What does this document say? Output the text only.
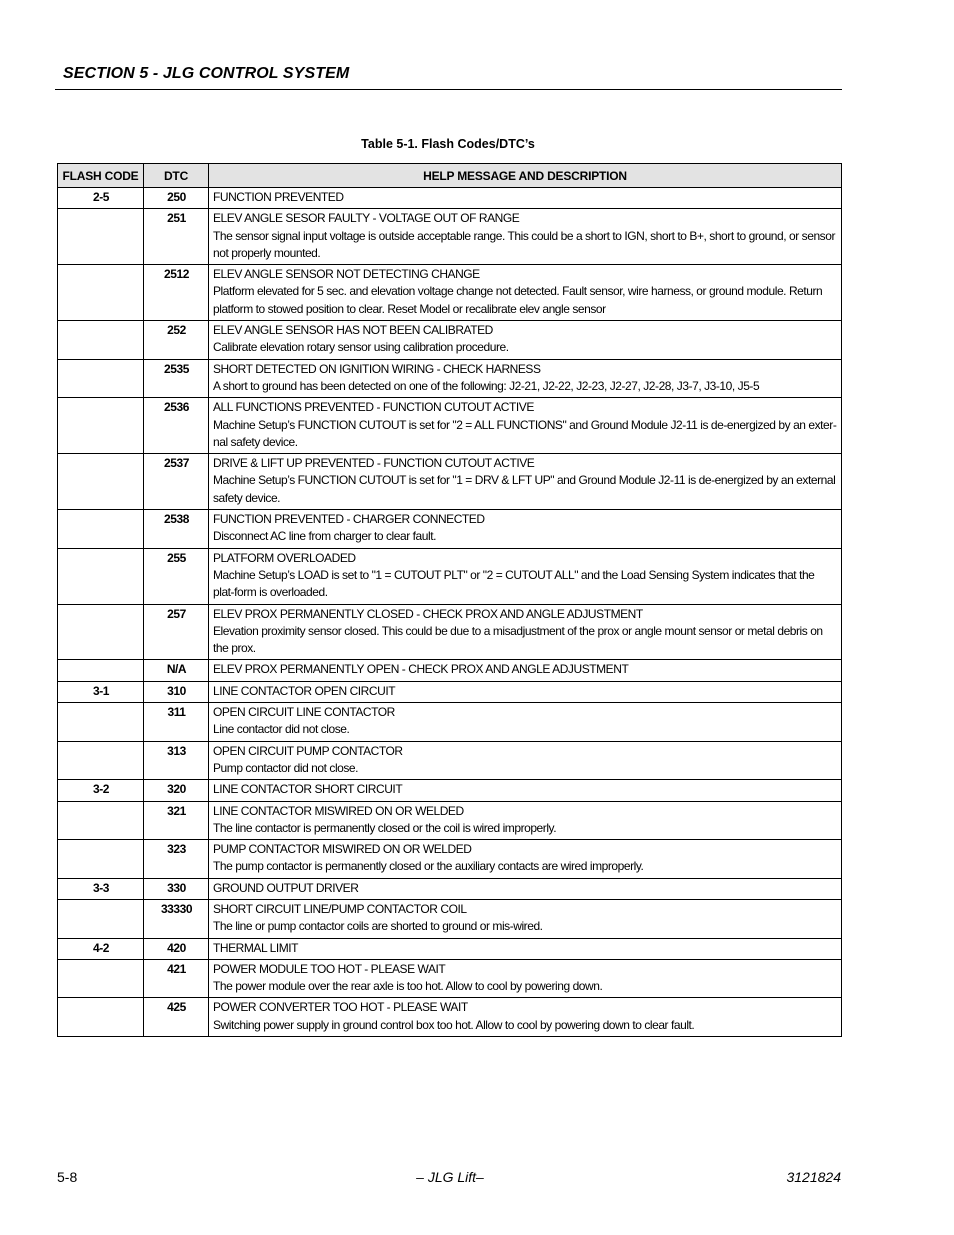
SECTION 5 - JLG CONTROL SYSTEM
Table 5-1. Flash Codes/DTC’s
FLASH CODE	DTC	HELP MESSAGE AND DESCRIPTION
2-5	250	FUNCTION PREVENTED

	251	ELEV ANGLE SESOR FAULTY - VOLTAGE OUT OF RANGE
The sensor signal input voltage is outside acceptable range. This could be a short to IGN, short to B+, short to ground, or sensor not properly mounted.

	2512	ELEV ANGLE SENSOR NOT DETECTING CHANGE
Platform elevated for 5 sec. and elevation voltage change not detected. Fault sensor, wire harness, or ground module. Return platform to stowed position to clear. Reset Model or recalibrate elev angle sensor

	252	ELEV ANGLE SENSOR HAS NOT BEEN CALIBRATED
Calibrate elevation rotary sensor using calibration procedure.

	2535	SHORT DETECTED ON IGNITION WIRING - CHECK HARNESS
A short to ground has been detected on one of the following: J2-21, J2-22, J2-23, J2-27, J2-28, J3-7, J3-10, J5-5

	2536	ALL FUNCTIONS PREVENTED - FUNCTION CUTOUT ACTIVE
Machine Setup’s FUNCTION CUTOUT is set for "2 = ALL FUNCTIONS" and Ground Module J2-11 is de-energized by an exter-nal safety device.

	2537	DRIVE & LIFT UP PREVENTED - FUNCTION CUTOUT ACTIVE
Machine Setup’s FUNCTION CUTOUT is set for "1 = DRV & LFT UP" and Ground Module J2-11 is de-energized by an external safety device.

	2538	FUNCTION PREVENTED - CHARGER CONNECTED
Disconnect AC line from charger to clear fault.

	255	PLATFORM OVERLOADED
Machine Setup’s LOAD is set to "1 = CUTOUT PLT" or "2 = CUTOUT ALL" and the Load Sensing System indicates that the plat-form is overloaded.

	257	ELEV PROX PERMANENTLY CLOSED - CHECK PROX AND ANGLE ADJUSTMENT
Elevation proximity sensor closed. This could be due to a misadjustment of the prox or angle mount sensor or metal debris on the prox.

	N/A	ELEV PROX PERMANENTLY OPEN - CHECK PROX AND ANGLE ADJUSTMENT

3-1	310	LINE CONTACTOR OPEN CIRCUIT

	311	OPEN CIRCUIT LINE CONTACTOR
Line contactor did not close.

	313	OPEN CIRCUIT PUMP CONTACTOR
Pump contactor did not close.

3-2	320	LINE CONTACTOR SHORT CIRCUIT

	321	LINE CONTACTOR MISWIRED ON OR WELDED
The line contactor is permanently closed or the coil is wired improperly.

	323	PUMP CONTACTOR MISWIRED ON OR WELDED
The pump contactor is permanently closed or the auxiliary contacts are wired improperly.

3-3	330	GROUND OUTPUT DRIVER

	33330	SHORT CIRCUIT LINE/PUMP CONTACTOR COIL
The line or pump contactor coils are shorted to ground or mis-wired.

4-2	420	THERMAL LIMIT

	421	POWER MODULE TOO HOT - PLEASE WAIT
The power module over the rear axle is too hot. Allow to cool by powering down.

	425	POWER CONVERTER TOO HOT - PLEASE WAIT
Switching power supply in ground control box too hot. Allow to cool by powering down to clear fault.
5-8	– JLG Lift–	3121824
